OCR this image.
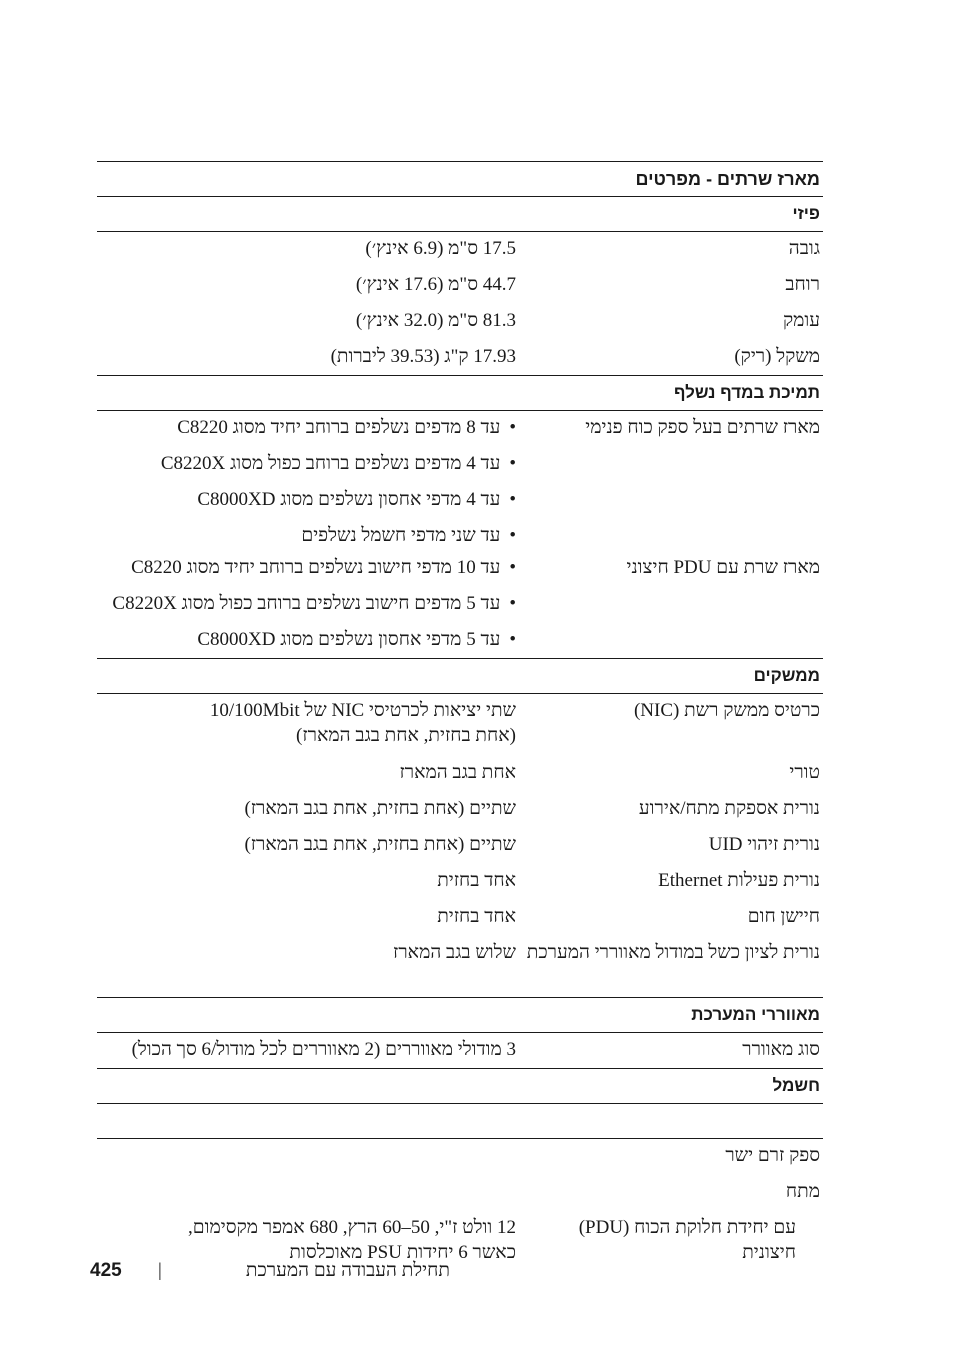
מארז שרתים - מפרטים
פיזי
גובה
17.5 ס"מ (6.9 אינץ׳)
רוחב
44.7 ס"מ (17.6 אינץ׳)
עומק
81.3 ס"מ (32.0 אינץ׳)
משקל (ריק)
17.93 ק"ג (39.53 ליברות)
תמיכת במדף נשלף
מארז שרתים בעל ספק כוח פנימי
• עד 8 מדפים נשלפים ברוחב יחיד מסוג C8220
• עד 4 מדפים נשלפים ברוחב כפול מסוג C8220X
• עד 4 מדפי אחסון נשלפים מסוג C8000XD
• עד שני מדפי חשמל נשלפים
מארז שרת עם PDU חיצוני
• עד 10 מדפי חישוב נשלפים ברוחב יחיד מסוג C8220
• עד 5 מדפים חישוב נשלפים ברוחב כפול מסוג C8220X
• עד 5 מדפי אחסון נשלפים מסוג C8000XD
ממשקים
כרטיס ממשק רשת (NIC)
שתי יציאות לכרטיסי NIC של 10/100Mbit
(אחת בחזית, אחת בגב המארז)
טורי
אחת בגב המארז
נורית אספקת מתח/אירוע
שתיים (אחת בחזית, אחת בגב המארז)
נורית זיהוי UID
שתיים (אחת בחזית, אחת בגב המארז)
נורית פעילות Ethernet
אחד בחזית
חיישן חום
אחד בחזית
נורית לציון כשל במודול מאווררי המערכת
שלוש בגב המארז
מאווררי המערכת
סוג מאוורר
3 מודולי מאווררים (2 מאווררים לכל מודול/6 סך הכול)
חשמל
ספק זרם ישר
מתח
עם יחידת חלוקת הכוח (PDU) חיצונית
12 וולט ז"י, 50–60 הרץ, 680 אמפר מקסימום,
כאשר 6 יחידות PSU מאוכלסות
תחילת העבודה עם המערכת
|
425
